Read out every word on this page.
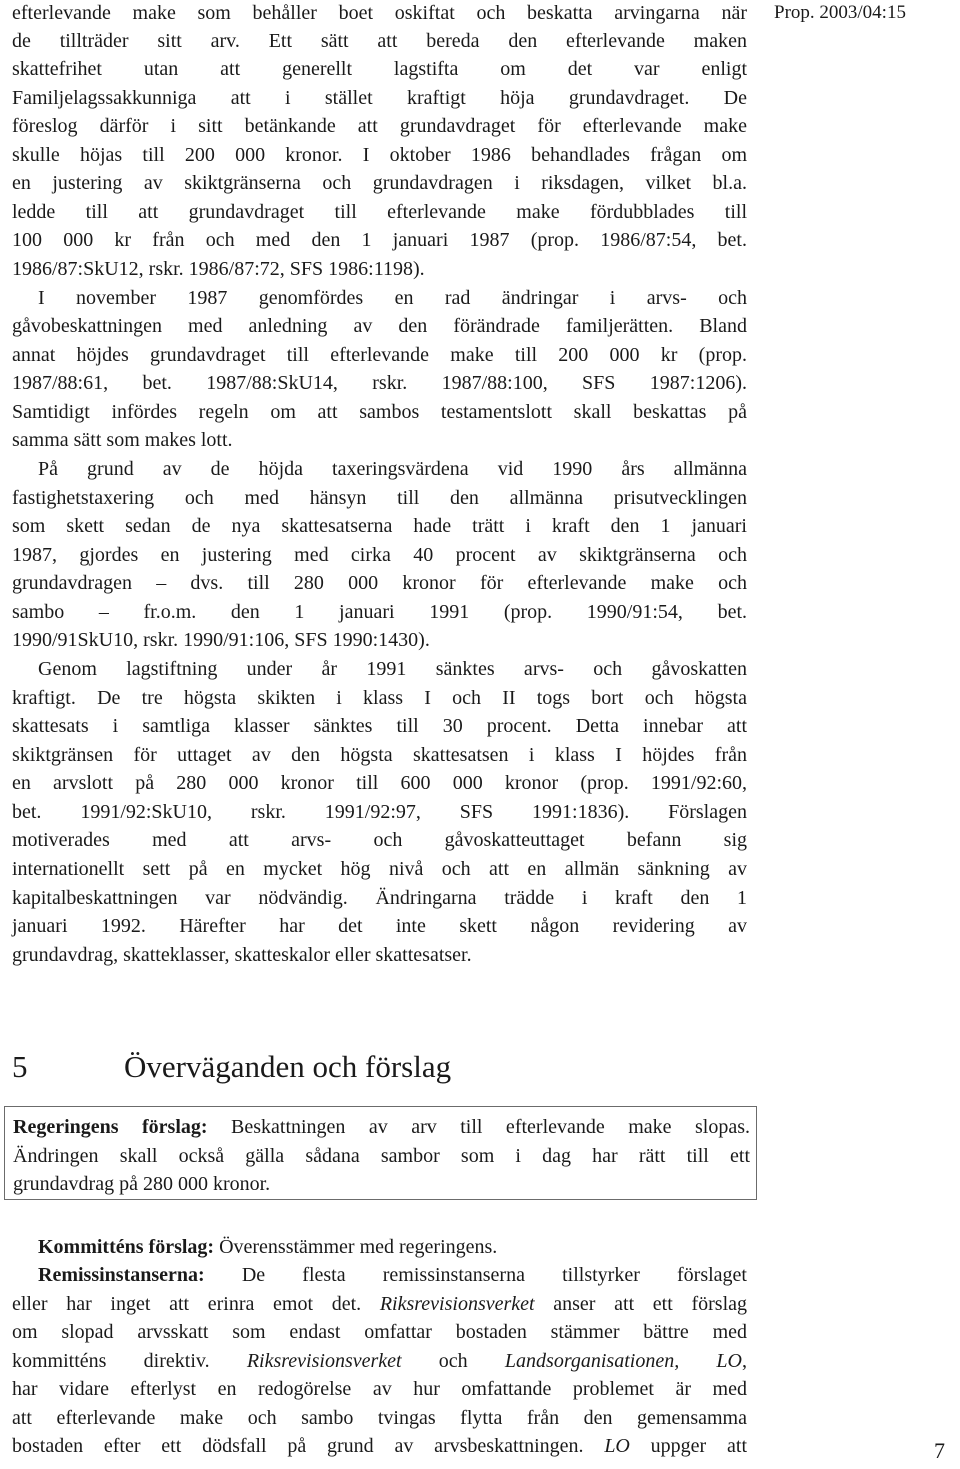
Prop. 2003/04:15
efterlevande make som behåller boet oskiftat och beskatta arvingarna när
de tillträder sitt arv. Ett sätt att bereda den efterlevande maken
skattefrihet utan att generellt lagstifta om det var enligt
Familjelagssakkunniga att i stället kraftigt höja grundavdraget. De
föreslog därför i sitt betänkande att grundavdraget för efterlevande make
skulle höjas till 200 000 kronor. I oktober 1986 behandlades frågan om
en justering av skiktgränserna och grundavdragen i riksdagen, vilket bl.a.
ledde till att grundavdraget till efterlevande make fördubblades till
100 000 kr från och med den 1 januari 1987 (prop. 1986/87:54, bet.
1986/87:SkU12, rskr. 1986/87:72, SFS 1986:1198).
I november 1987 genomfördes en rad ändringar i arvs- och
gåvobeskattningen med anledning av den förändrade familjerätten. Bland
annat höjdes grundavdraget till efterlevande make till 200 000 kr (prop.
1987/88:61, bet. 1987/88:SkU14, rskr. 1987/88:100, SFS 1987:1206).
Samtidigt infördes regeln om att sambos testamentslott skall beskattas på
samma sätt som makes lott.
På grund av de höjda taxeringsvärdena vid 1990 års allmänna
fastighetstaxering och med hänsyn till den allmänna prisutvecklingen
som skett sedan de nya skattesatserna hade trätt i kraft den 1 januari
1987, gjordes en justering med cirka 40 procent av skiktgränserna och
grundavdragen – dvs. till 280 000 kronor för efterlevande make och
sambo – fr.o.m. den 1 januari 1991 (prop. 1990/91:54, bet.
1990/91SkU10, rskr. 1990/91:106, SFS 1990:1430).
Genom lagstiftning under år 1991 sänktes arvs- och gåvoskatten
kraftigt. De tre högsta skikten i klass I och II togs bort och högsta
skattesats i samtliga klasser sänktes till 30 procent. Detta innebar att
skiktgränsen för uttaget av den högsta skattesatsen i klass I höjdes från
en arvslott på 280 000 kronor till 600 000 kronor (prop. 1991/92:60,
bet. 1991/92:SkU10, rskr. 1991/92:97, SFS 1991:1836). Förslagen
motiverades med att arvs- och gåvoskatteuttaget befann sig
internationellt sett på en mycket hög nivå och att en allmän sänkning av
kapitalbeskattningen var nödvändig. Ändringarna trädde i kraft den 1
januari 1992. Härefter har det inte skett någon revidering av
grundavdrag, skatteklasser, skatteskalor eller skattesatser.
5	Överväganden och förslag
Regeringens förslag: Beskattningen av arv till efterlevande make slopas.
Ändringen skall också gälla sådana sambor som i dag har rätt till ett
grundavdrag på 280 000 kronor.
Kommitténs förslag: Överensstämmer med regeringens.
Remissinstanserna: De flesta remissinstanserna tillstyrker förslaget
eller har inget att erinra emot det. Riksrevisionsverket anser att ett förslag
om slopad arvsskatt som endast omfattar bostaden stämmer bättre med
kommitténs direktiv. Riksrevisionsverket och Landsorganisationen, LO,
har vidare efterlyst en redogörelse av hur omfattande problemet är med
att efterlevande make och sambo tvingas flytta från den gemensamma
bostaden efter ett dödsfall på grund av arvsbeskattningen. LO uppger att	7
